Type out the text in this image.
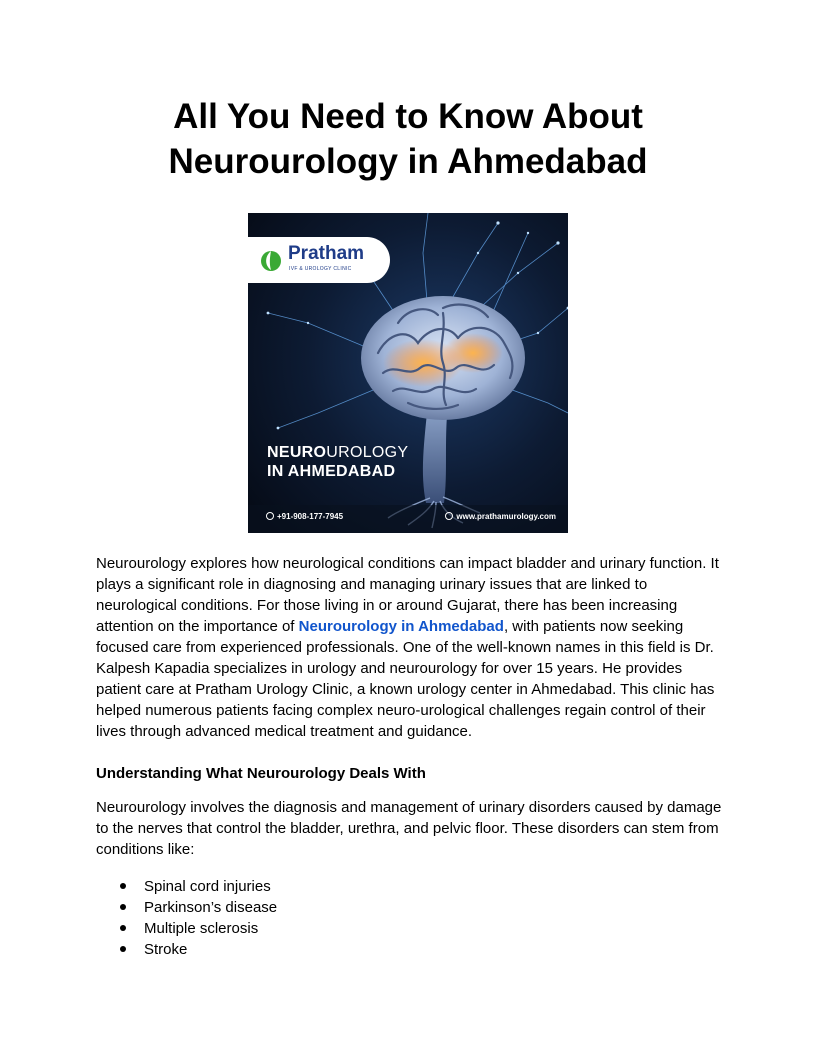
All You Need to Know About
Neurourology in Ahmedabad
Pratham
IVF & UROLOGY CLINIC
NEUROUROLOGY
IN AHMEDABAD
+91-908-177-7945	www.prathamurology.com

Neurourology explores how neurological conditions can impact bladder and urinary function. It plays a significant role in diagnosing and managing urinary issues that are linked to neurological conditions. For those living in or around Gujarat, there has been increasing attention on the importance of Neurourology in Ahmedabad, with patients now seeking focused care from experienced professionals. One of the well-known names in this field is Dr. Kalpesh Kapadia specializes in urology and neurourology for over 15 years. He provides patient care at Pratham Urology Clinic, a known urology center in Ahmedabad. This clinic has helped numerous patients facing complex neuro-urological challenges regain control of their lives through advanced medical treatment and guidance.

Understanding What Neurourology Deals With

Neurourology involves the diagnosis and management of urinary disorders caused by damage to the nerves that control the bladder, urethra, and pelvic floor. These disorders can stem from conditions like:

Spinal cord injuries
Parkinson’s disease
Multiple sclerosis
Stroke
